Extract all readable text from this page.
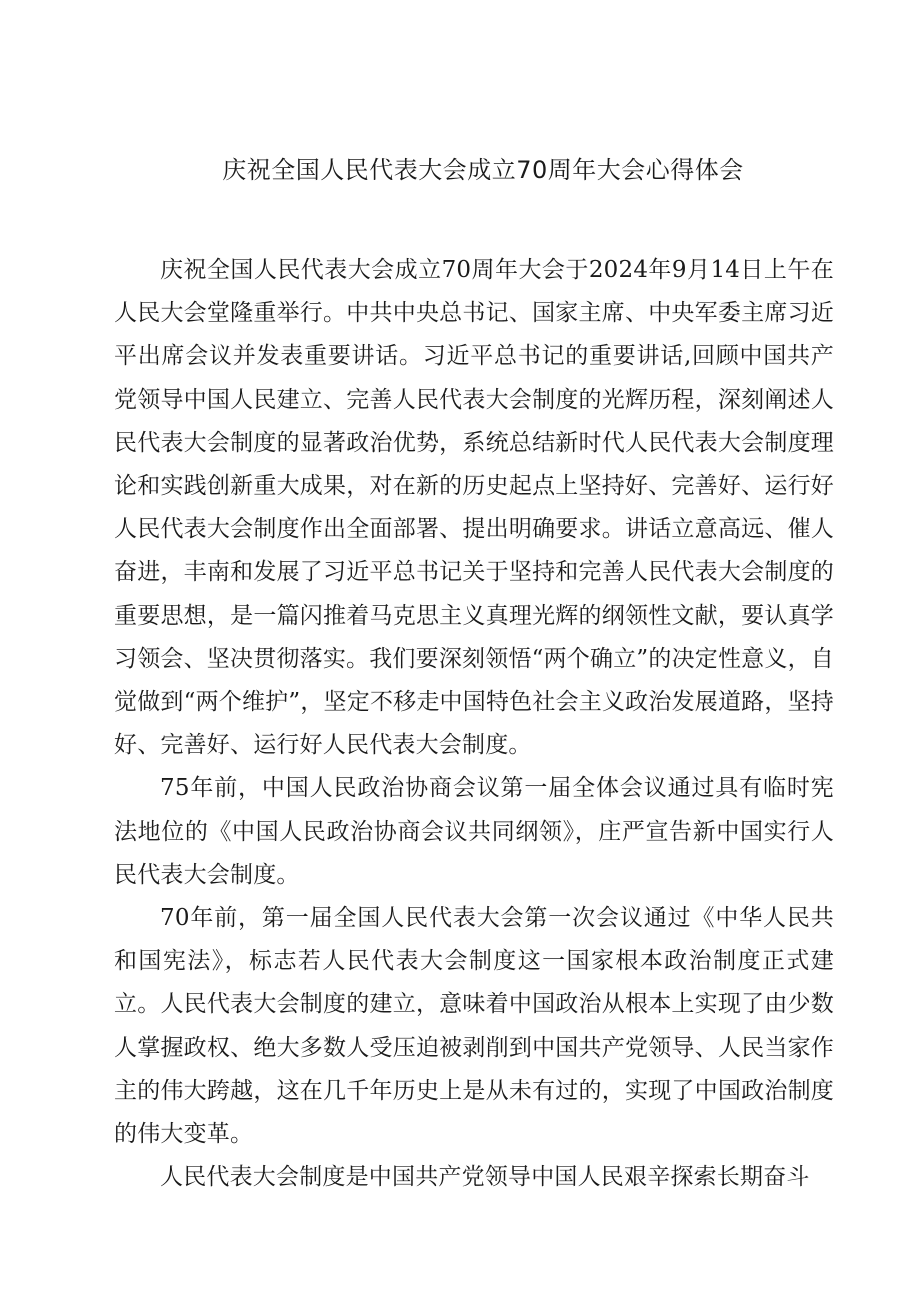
庆祝全国人民代表大会成立70周年大会心得体会

庆祝全国人民代表大会成立70周年大会于2024年9月14日上午在人民大会堂隆重举行。中共中央总书记、国家主席、中央军委主席习近平出席会议并发表重要讲话。习近平总书记的重要讲话,回顾中国共产党领导中国人民建立、完善人民代表大会制度的光辉历程，深刻阐述人民代表大会制度的显著政治优势，系统总结新时代人民代表大会制度理论和实践创新重大成果，对在新的历史起点上坚持好、完善好、运行好人民代表大会制度作出全面部署、提出明确要求。讲话立意高远、催人奋进，丰南和发展了习近平总书记关于坚持和完善人民代表大会制度的重要思想，是一篇闪推着马克思主义真理光辉的纲领性文献，要认真学习领会、坚决贯彻落实。我们要深刻领悟“两个确立”的决定性意义，自觉做到“两个维护”，坚定不移走中国特色社会主义政治发展道路，坚持好、完善好、运行好人民代表大会制度。

75年前，中国人民政治协商会议第一届全体会议通过具有临时宪法地位的《中国人民政治协商会议共同纲领》，庄严宣告新中国实行人民代表大会制度。

70年前，第一届全国人民代表大会第一次会议通过《中华人民共和国宪法》，标志若人民代表大会制度这一国家根本政治制度正式建立。人民代表大会制度的建立，意味着中国政治从根本上实现了由少数人掌握政权、绝大多数人受压迫被剥削到中国共产党领导、人民当家作主的伟大跨越，这在几千年历史上是从未有过的，实现了中国政治制度的伟大变革。

人民代表大会制度是中国共产党领导中国人民艰辛探索长期奋斗
